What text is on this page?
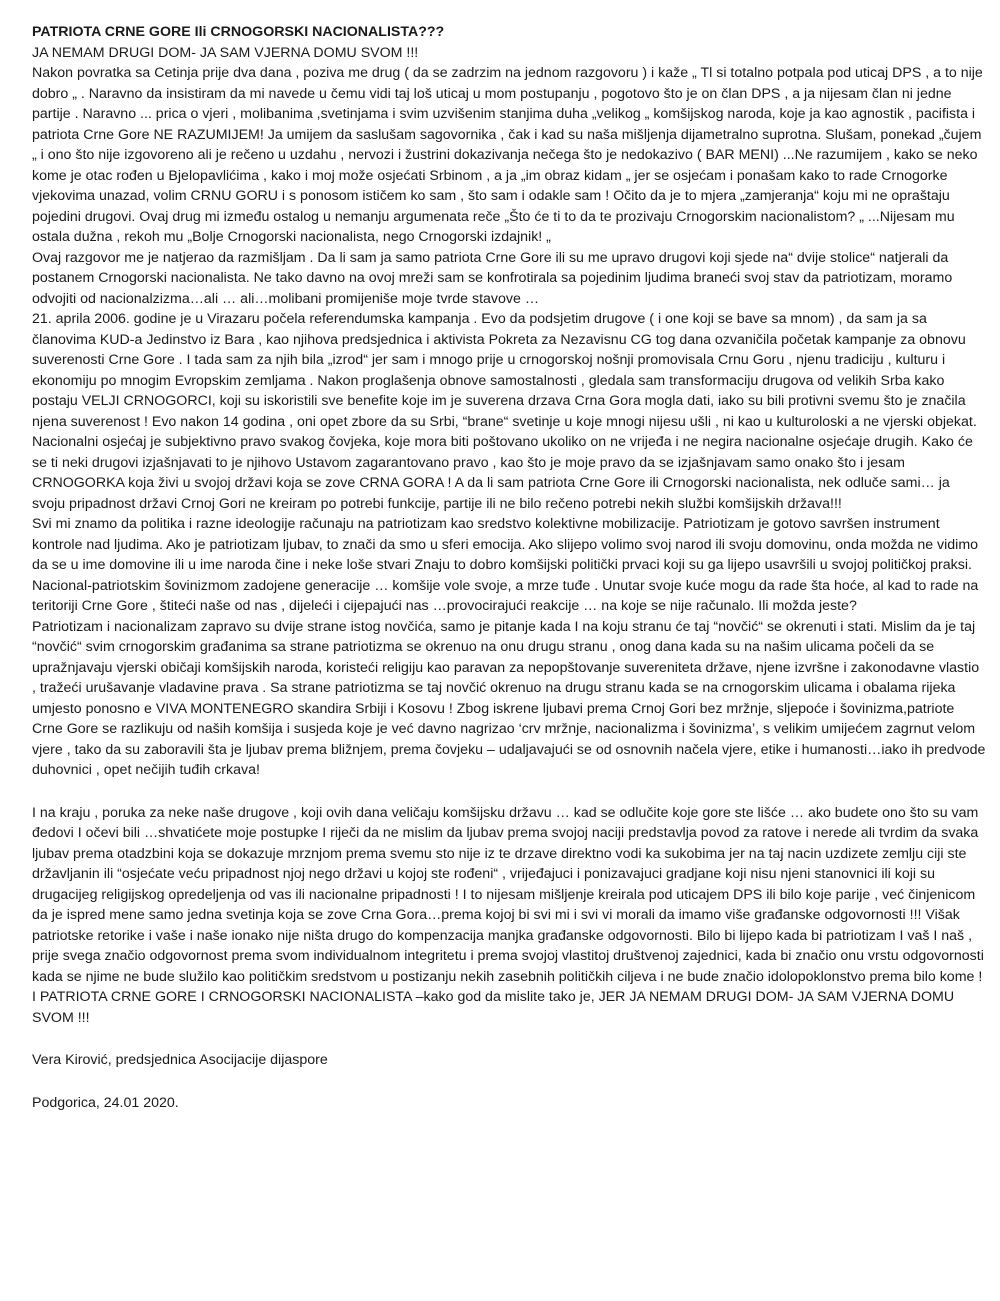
PATRIOTA CRNE GORE Ili CRNOGORSKI NACIONALISTA???

JA NEMAM DRUGI DOM- JA SAM VJERNA DOMU SVOM !!!

Nakon povratka sa Cetinja prije dva dana , poziva me drug ( da se zadrzim na jednom razgovoru ) i kaže „ Tl si totalno potpala pod uticaj DPS , a to nije dobro „ . Naravno da insistiram da mi navede u čemu vidi taj loš uticaj u mom postupanju , pogotovo što je on član DPS , a ja nijesam član ni jedne partije . Naravno ... prica o vjeri , molibanima ,svetinjama i svim uzvišenim stanjima duha „velikog „ komšijskog naroda, koje ja kao agnostik , pacifista i patriota Crne Gore NE RAZUMIJEM! Ja umijem da saslušam sagovornika , čak i kad su naša mišljenja dijametralno suprotna. Slušam, ponekad „čujem „ i ono što nije izgovoreno ali je rečeno u uzdahu , nervozi i žustrini dokazivanja nečega što je nedokazivo ( BAR MENI) ...Ne razumijem , kako se neko kome je otac rođen u Bjelopavlićima , kako i moj može osjećati Srbinom , a ja „im obraz kidam „ jer se osjećam i ponašam kako to rade Crnogorke vjekovima unazad, volim CRNU GORU i s ponosom ističem ko sam , što sam i odakle sam ! Očito da je to mjera „zamjeranja“ koju mi ne opraštaju pojedini drugovi. Ovaj drug mi između ostalog u nemanju argumenata reče „Što će ti to da te prozivaju Crnogorskim nacionalistom? „ ...Nijesam mu ostala dužna , rekoh mu „Bolje Crnogorski nacionalista, nego Crnogorski izdajnik! „

Ovaj razgovor me je natjerao da razmišljam . Da li sam ja samo patriota Crne Gore ili su me upravo drugovi koji sjede na“ dvije stolice“ natjerali da postanem Crnogorski nacionalista. Ne tako davno na ovoj mreži sam se konfrotirala sa pojedinim ljudima braneći svoj stav da patriotizam, moramo odvojiti od nacionalzizma…ali … ali…molibani promijeniše moje tvrde stavove …

21. aprila 2006. godine je u Virazaru počela referendumska kampanja . Evo da podsjetim drugove ( i one koji se bave sa mnom) , da sam ja sa članovima KUD-a Jedinstvo iz Bara , kao njihova predsjednica i aktivista Pokreta za Nezavisnu CG tog dana ozvaničila početak kampanje za obnovu suverenosti Crne Gore . I tada sam za njih bila „izrod“ jer sam i mnogo prije u crnogorskoj nošnji promovisala Crnu Goru , njenu tradiciju , kulturu i ekonomiju po mnogim Evropskim zemljama . Nakon proglašenja obnove samostalnosti , gledala sam transformaciju drugova od velikih Srba kako postaju VELJI CRNOGORCI, koji su iskoristili sve benefite koje im je suverena drzava Crna Gora mogla dati, iako su bili protivni svemu što je značila njena suverenost ! Evo nakon 14 godina , oni opet zbore da su Srbi, “brane“ svetinje u koje mnogi nijesu ušli , ni kao u kulturoloski a ne vjerski objekat.

Nacionalni osjećaj je subjektivno pravo svakog čovjeka, koje mora biti poštovano ukoliko on ne vrijeđa i ne negira nacionalne osjećaje drugih. Kako će se ti neki drugovi izjašnjavati to je njihovo Ustavom zagarantovano pravo , kao što je moje pravo da se izjašnjavam samo onako što i jesam CRNOGORKA koja živi u svojoj državi koja se zove CRNA GORA ! A da li sam patriota Crne Gore ili Crnogorski nacionalista, nek odluče sami… ja svoju pripadnost državi Crnoj Gori ne kreiram po potrebi funkcije, partije ili ne bilo rečeno potrebi nekih službi komšijskih država!!!

Svi mi znamo da politika i razne ideologije računaju na patriotizam kao sredstvo kolektivne mobilizacije. Patriotizam je gotovo savršen instrument kontrole nad ljudima. Ako je patriotizam ljubav, to znači da smo u sferi emocija. Ako slijepo volimo svoj narod ili svoju domovinu, onda možda ne vidimo da se u ime domovine ili u ime naroda čine i neke loše stvari Znaju to dobro komšijski politički prvaci koji su ga lijepo usavršili u svojoj političkoj praksi. Nacional-patriotskim šovinizmom zadojene generacije … komšije vole svoje, a mrze tuđe . Unutar svoje kuće mogu da rade šta hoće, al kad to rade na teritoriji Crne Gore , štiteći naše od nas , dijeleći i cijepajući nas …provocirajući reakcije … na koje se nije računalo. Ili možda jeste?

Patriotizam i nacionalizam zapravo su dvije strane istog novčića, samo je pitanje kada I na koju stranu će taj “novčić“ se okrenuti i stati. Mislim da je taj “novčić“ svim crnogorskim građanima sa strane patriotizma se okrenuo na onu drugu stranu , onog dana kada su na našim ulicama počeli da se upražnjavaju vjerski običaji komšijskih naroda, koristeći religiju kao paravan za nepopštovanje suvereniteta države, njene izvršne i zakonodavne vlastio , tražeći urušavanje vladavine prava . Sa strane patriotizma se taj novčić okrenuo na drugu stranu kada se na crnogorskim ulicama i obalama rijeka umjesto ponosno e VIVA MONTENEGRO skandira Srbiji i Kosovu ! Zbog iskrene ljubavi prema Crnoj Gori bez mržnje, sljepoće i šovinizma,patriote Crne Gore se razlikuju od naših komšija i susjeda koje je već davno nagrizao ‘crv mržnje, nacionalizma i šovinizma’, s velikim umijećem zagrnut velom vjere , tako da su zaboravili šta je ljubav prema bližnjem, prema čovjeku – udaljavajući se od osnovnih načela vjere, etike i humanosti…iako ih predvode duhovnici , opet nečijih tuđih crkava!

I na kraju , poruka za neke naše drugove , koji ovih dana veličaju komšijsku državu … kad se odlučite koje gore ste lišće … ako budete ono što su vam đedovi I očevi bili …shvatićete moje postupke I riječi da ne mislim da ljubav prema svojoj naciji predstavlja povod za ratove i nerede ali tvrdim da svaka ljubav prema otadzbini koja se dokazuje mrznjom prema svemu sto nije iz te drzave direktno vodi ka sukobima jer na taj nacin uzdizete zemlju ciji ste državljanin ili “osjećate veću pripadnost njoj nego državi u kojoj ste rođeni“ , vrijeđajuci i ponizavajuci gradjane koji nisu njeni stanovnici ili koji su drugacijeg religijskog opredeljenja od vas ili nacionalne pripadnosti ! I to nijesam mišljenje kreirala pod uticajem DPS ili bilo koje parije , već činjenicom da je ispred mene samo jedna svetinja koja se zove Crna Gora…prema kojoj bi svi mi i svi vi morali da imamo više građanske odgovornosti !!! Višak patriotske retorike i vaše i naše ionako nije ništa drugo do kompenzacija manjka građanske odgovornosti. Bilo bi lijepo kada bi patriotizam I vaš I naš , prije svega značio odgovornost prema svom individualnom integritetu i prema svojoj vlastitoj društvenoj zajednici, kada bi značio onu vrstu odgovornosti kada se njime ne bude služilo kao političkim sredstvom u postizanju nekih zasebnih političkih ciljeva i ne bude značio idolopoklonstvo prema bilo kome !

I PATRIOTA CRNE GORE I CRNOGORSKI NACIONALISTA –kako god da mislite tako je, JER JA NEMAM DRUGI DOM- JA SAM VJERNA DOMU SVOM !!!

Vera Kirović, predsjednica Asocijacije dijaspore

Podgorica, 24.01 2020.
